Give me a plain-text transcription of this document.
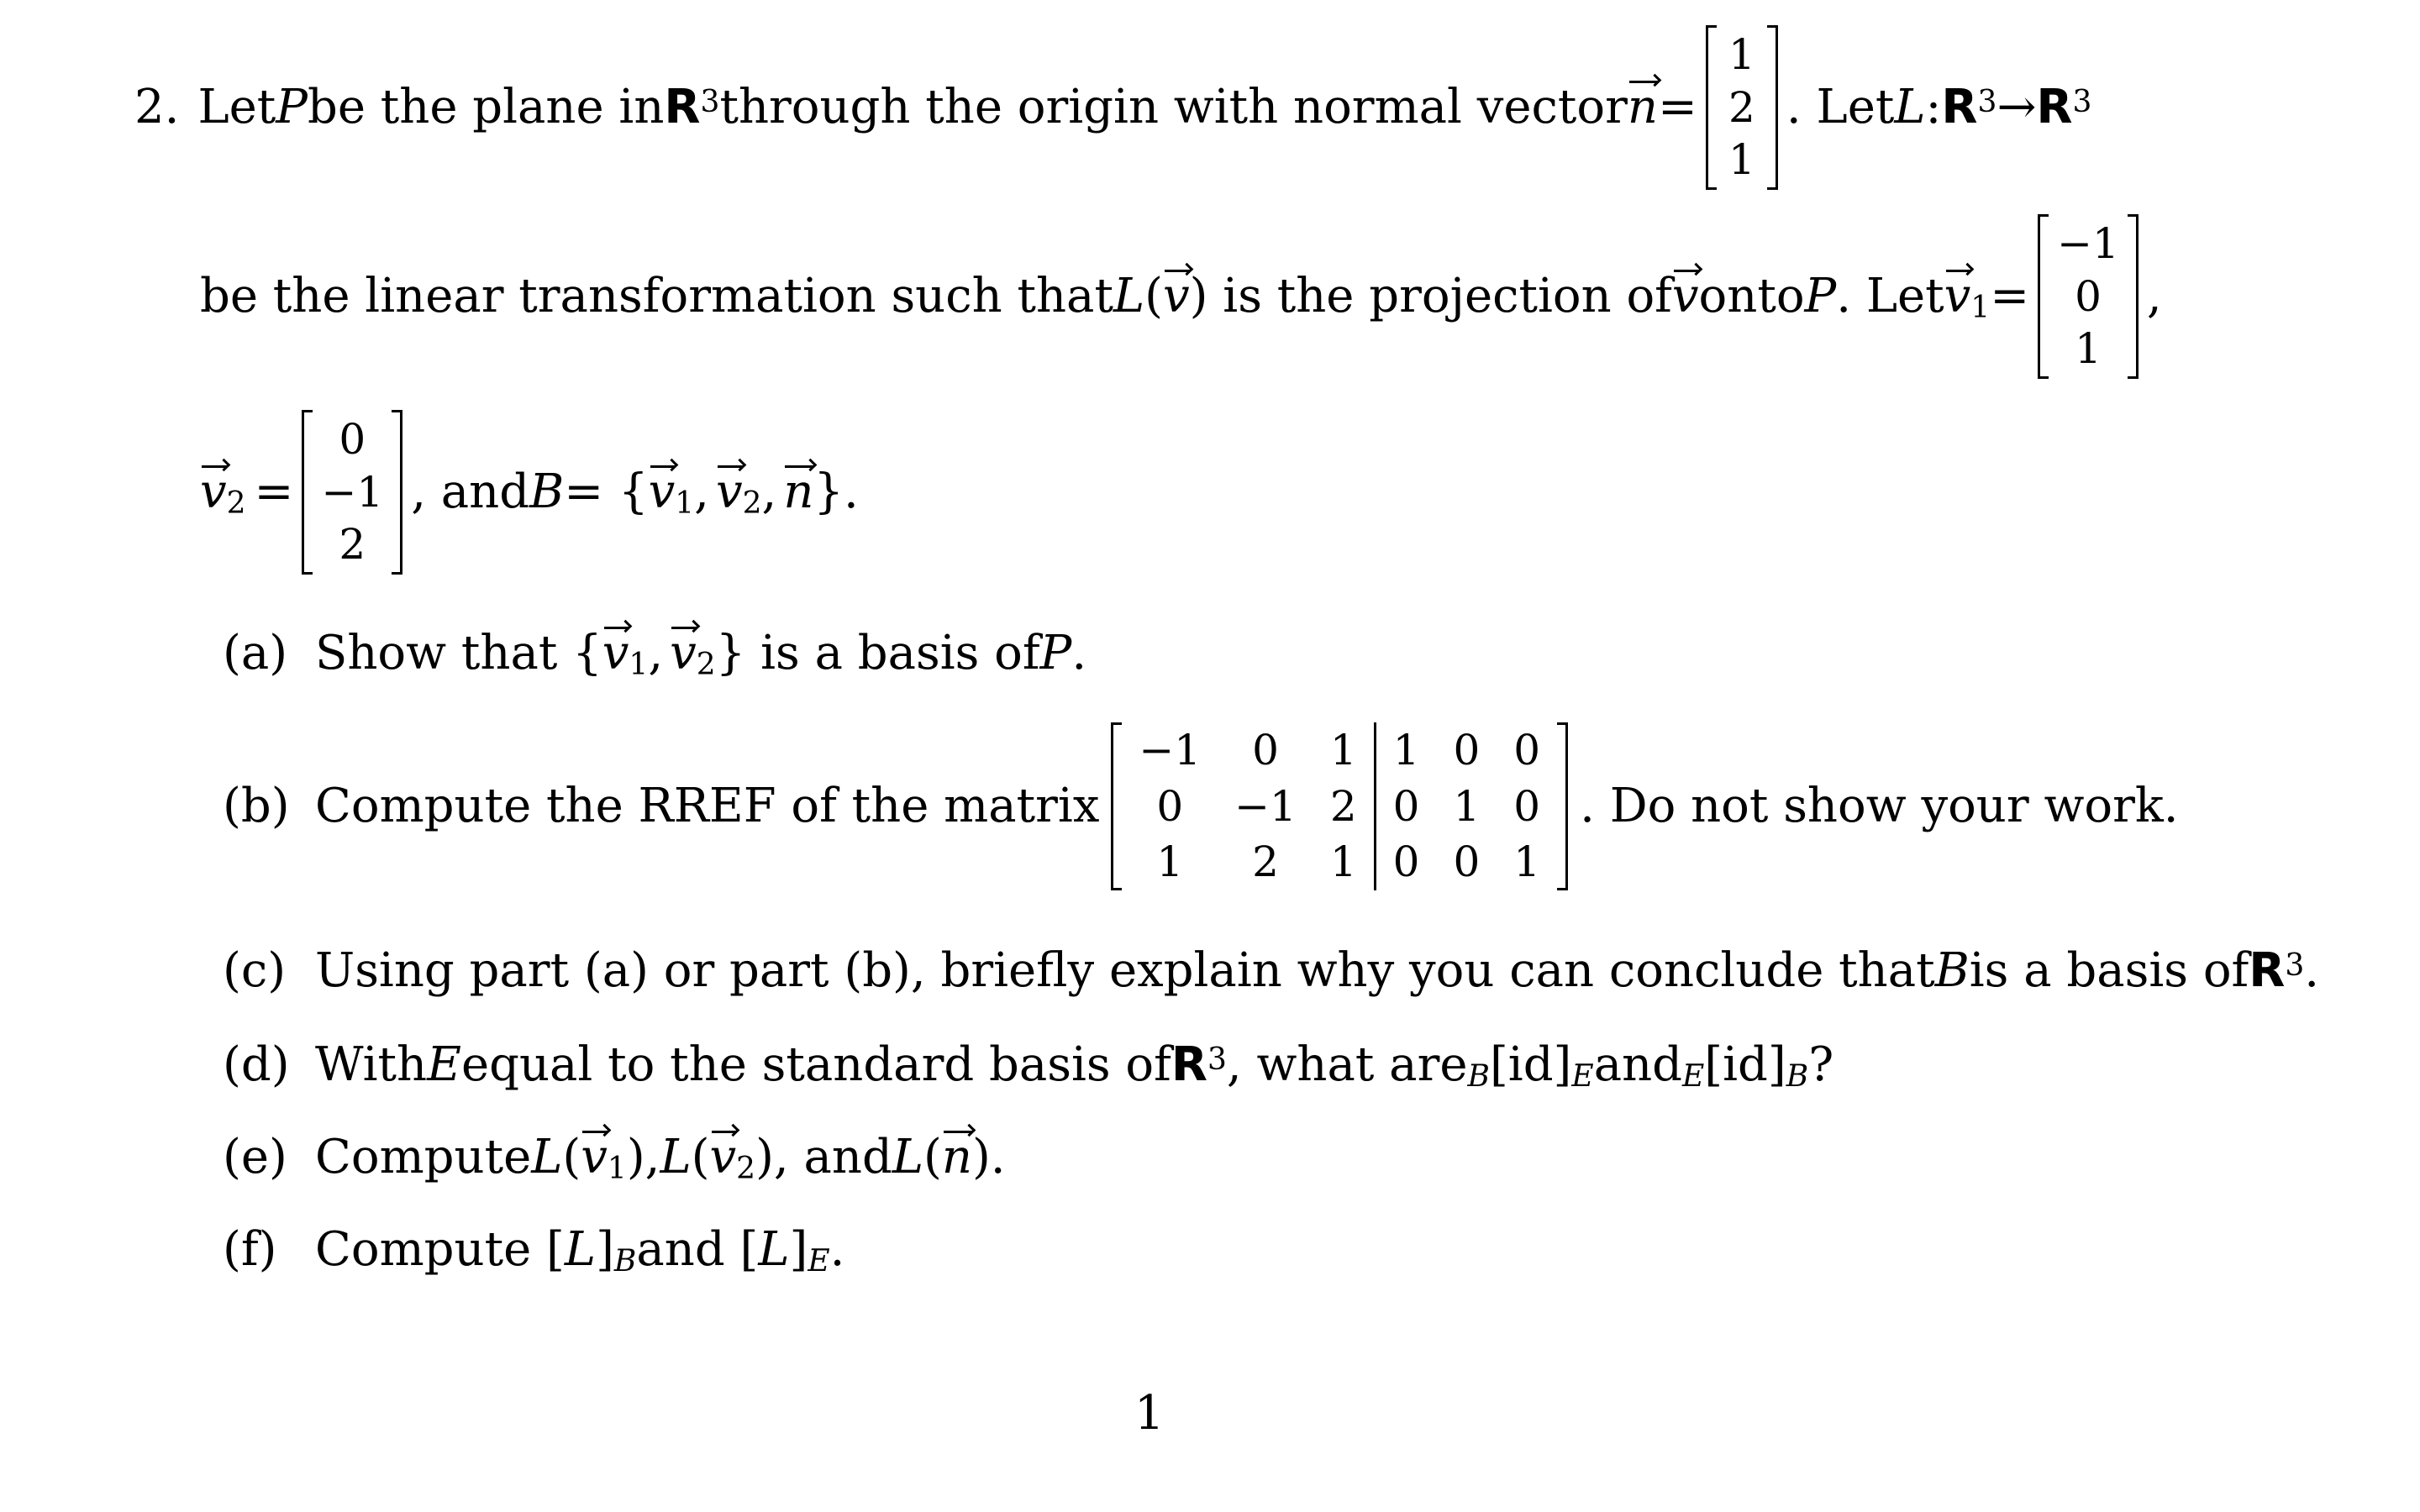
2. Let P be the plane in R 3 through the origin with normal vector n =
1
2
1
. Let L : R 3 → R 3
be the linear transformation such that L ( v ) is the projection of v onto P . Let v 1 =
−1
0
1
,
v 2 =
0
−1
2
, and B = { v 1 , v 2 , n }.
(a) Show that { v 1 , v 2 } is a basis of P .
(b) Compute the RREF of the matrix
−1	0	1	1	0	0
0	−1	2	0	1	0
1	2	1	0	0	1
. Do not show your work.
(c) Using part (a) or part (b), briefly explain why you can conclude that B is a basis of R 3 .
(d) With E equal to the standard basis of R 3 , what are B [id] E and E [id] B ?
(e) Compute L ( v 1 ), L ( v 2 ), and L ( n ).
(f) Compute [ L ] B and [ L ] E .
1
